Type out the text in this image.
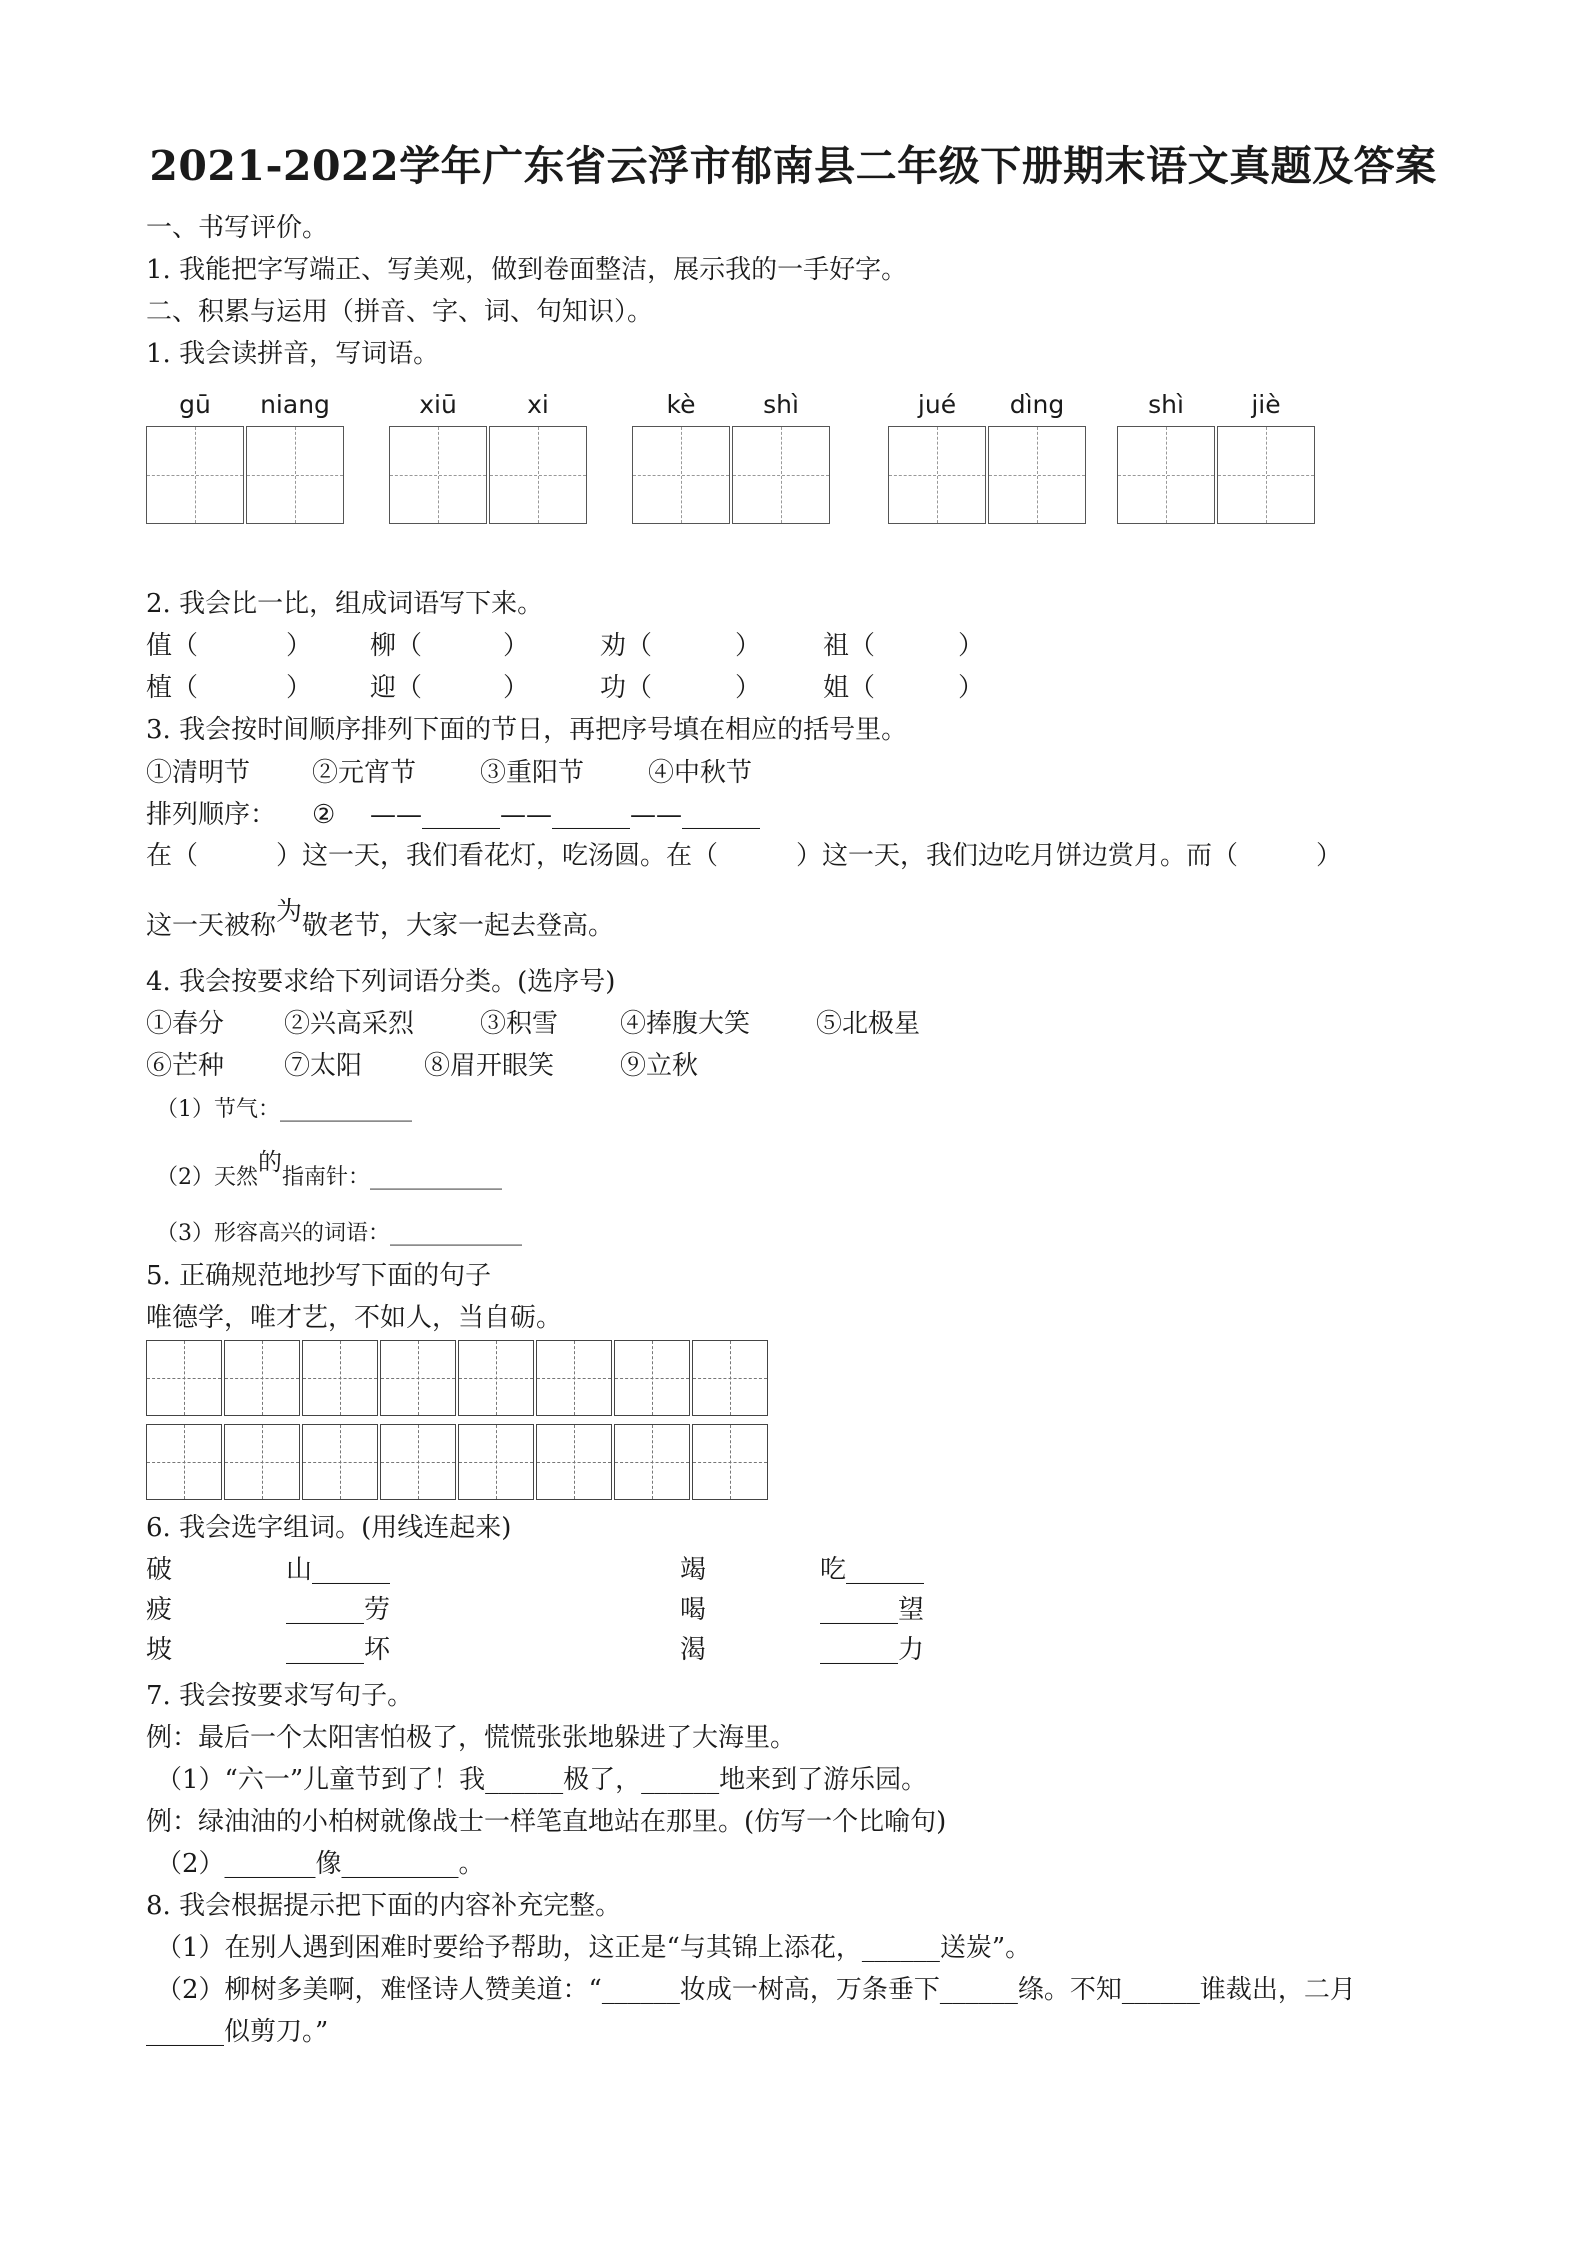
2021-2022学年广东省云浮市郁南县二年级下册期末语文真题及答案
一、书写评价。
1. 我能把字写端正、写美观，做到卷面整洁，展示我的一手好字。
二、积累与运用（拼音、字、词、句知识）。
1. 我会读拼音，写词语。
gū	niang	xiū	xi	kè	shì	jué	dìng	shì	jiè
2. 我会比一比，组成词语写下来。
值（	） 柳（	）	劝（	） 祖（	）
植（	） 迎（	）	功（	） 姐（	）
3. 我会按时间顺序排列下面的节日，再把序号填在相应的括号里。
①清明节 ②元宵节 ③重阳节 ④中秋节
排列顺序： ② ——______——______——______
在（　　　）这一天，我们看花灯，吃汤圆。在（　　　）这一天，我们边吃月饼边赏月。而（　　　）
这一天被称为敬老节，大家一起去登高。
4. 我会按要求给下列词语分类。(选序号)
①春分 ②兴高采烈	③积雪 ④捧腹大笑	⑤北极星
⑥芒种 ⑦太阳 ⑧眉开眼笑	⑨立秋
（1）节气：____________
（2）天然的指南针：____________
（3）形容高兴的词语：____________
5. 正确规范地抄写下面的句子
唯德学，唯才艺，不如人，当自砺。
6. 我会选字组词。(用线连起来)
破	山______	竭	吃______
疲	______劳	喝	______望
坡	______坏	渴	______力
7. 我会按要求写句子。
例：最后一个太阳害怕极了，慌慌张张地躲进了大海里。
（1）“六一”儿童节到了！我______极了，______地来到了游乐园。
例：绿油油的小柏树就像战士一样笔直地站在那里。(仿写一个比喻句)
（2）_______像_________。
8. 我会根据提示把下面的内容补充完整。
（1）在别人遇到困难时要给予帮助，这正是“与其锦上添花，______送炭”。
（2）柳树多美啊，难怪诗人赞美道：“______妆成一树高，万条垂下______绦。不知______谁裁出，二月
______似剪刀。”
